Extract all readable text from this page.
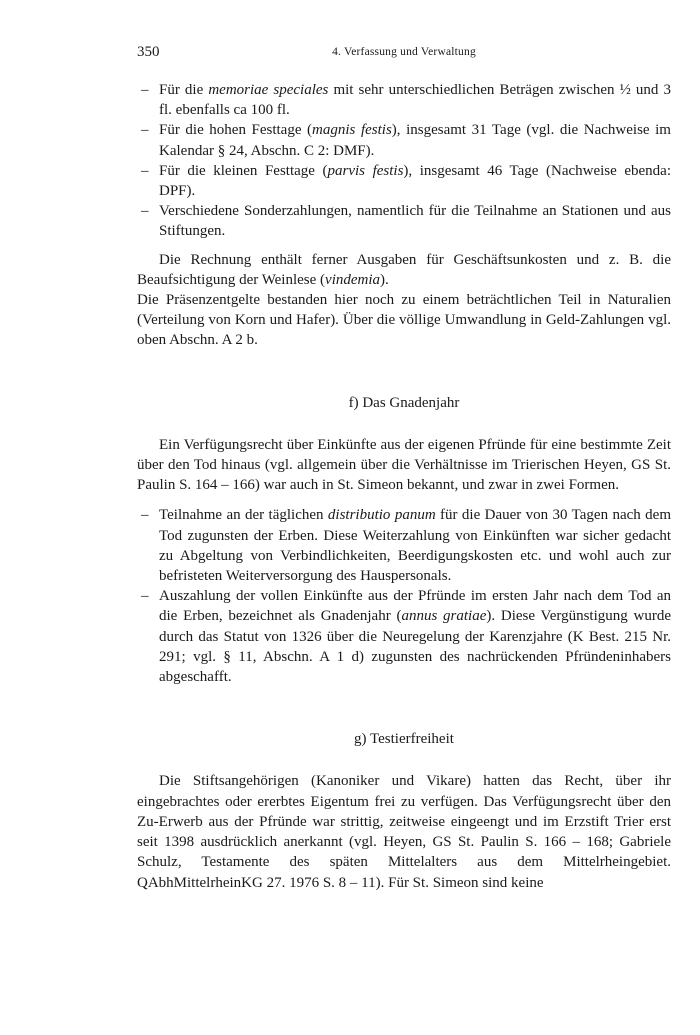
350	4. Verfassung und Verwaltung
– Für die memoriae speciales mit sehr unterschiedlichen Beträgen zwischen ½ und 3 fl. ebenfalls ca 100 fl.
– Für die hohen Festtage (magnis festis), insgesamt 31 Tage (vgl. die Nachweise im Kalendar § 24, Abschn. C 2: DMF).
– Für die kleinen Festtage (parvis festis), insgesamt 46 Tage (Nachweise ebenda: DPF).
– Verschiedene Sonderzahlungen, namentlich für die Teilnahme an Stationen und aus Stiftungen.

Die Rechnung enthält ferner Ausgaben für Geschäftsunkosten und z. B. die Beaufsichtigung der Weinlese (vindemia).

Die Präsenzentgelte bestanden hier noch zu einem beträchtlichen Teil in Naturalien (Verteilung von Korn und Hafer). Über die völlige Umwandlung in Geld-Zahlungen vgl. oben Abschn. A 2 b.

f) Das Gnadenjahr

Ein Verfügungsrecht über Einkünfte aus der eigenen Pfründe für eine bestimmte Zeit über den Tod hinaus (vgl. allgemein über die Verhältnisse im Trierischen Heyen, GS St. Paulin S. 164 – 166) war auch in St. Simeon bekannt, und zwar in zwei Formen.

– Teilnahme an der täglichen distributio panum für die Dauer von 30 Tagen nach dem Tod zugunsten der Erben. Diese Weiterzahlung von Einkünften war sicher gedacht zu Abgeltung von Verbindlichkeiten, Beerdigungskosten etc. und wohl auch zur befristeten Weiterversorgung des Hauspersonals.
– Auszahlung der vollen Einkünfte aus der Pfründe im ersten Jahr nach dem Tod an die Erben, bezeichnet als Gnadenjahr (annus gratiae). Diese Vergünstigung wurde durch das Statut von 1326 über die Neuregelung der Karenzjahre (K Best. 215 Nr. 291; vgl. § 11, Abschn. A 1 d) zugunsten des nachrückenden Pfründeninhabers abgeschafft.
g) Testierfreiheit

Die Stiftsangehörigen (Kanoniker und Vikare) hatten das Recht, über ihr eingebrachtes oder ererbtes Eigentum frei zu verfügen. Das Verfügungsrecht über den Zu-Erwerb aus der Pfründe war strittig, zeitweise eingeengt und im Erzstift Trier erst seit 1398 ausdrücklich anerkannt (vgl. Heyen, GS St. Paulin S. 166 – 168; Gabriele Schulz, Testamente des späten Mittelalters aus dem Mittelrheingebiet. QAbhMittelrheinKG 27. 1976 S. 8 – 11). Für St. Simeon sind keine
